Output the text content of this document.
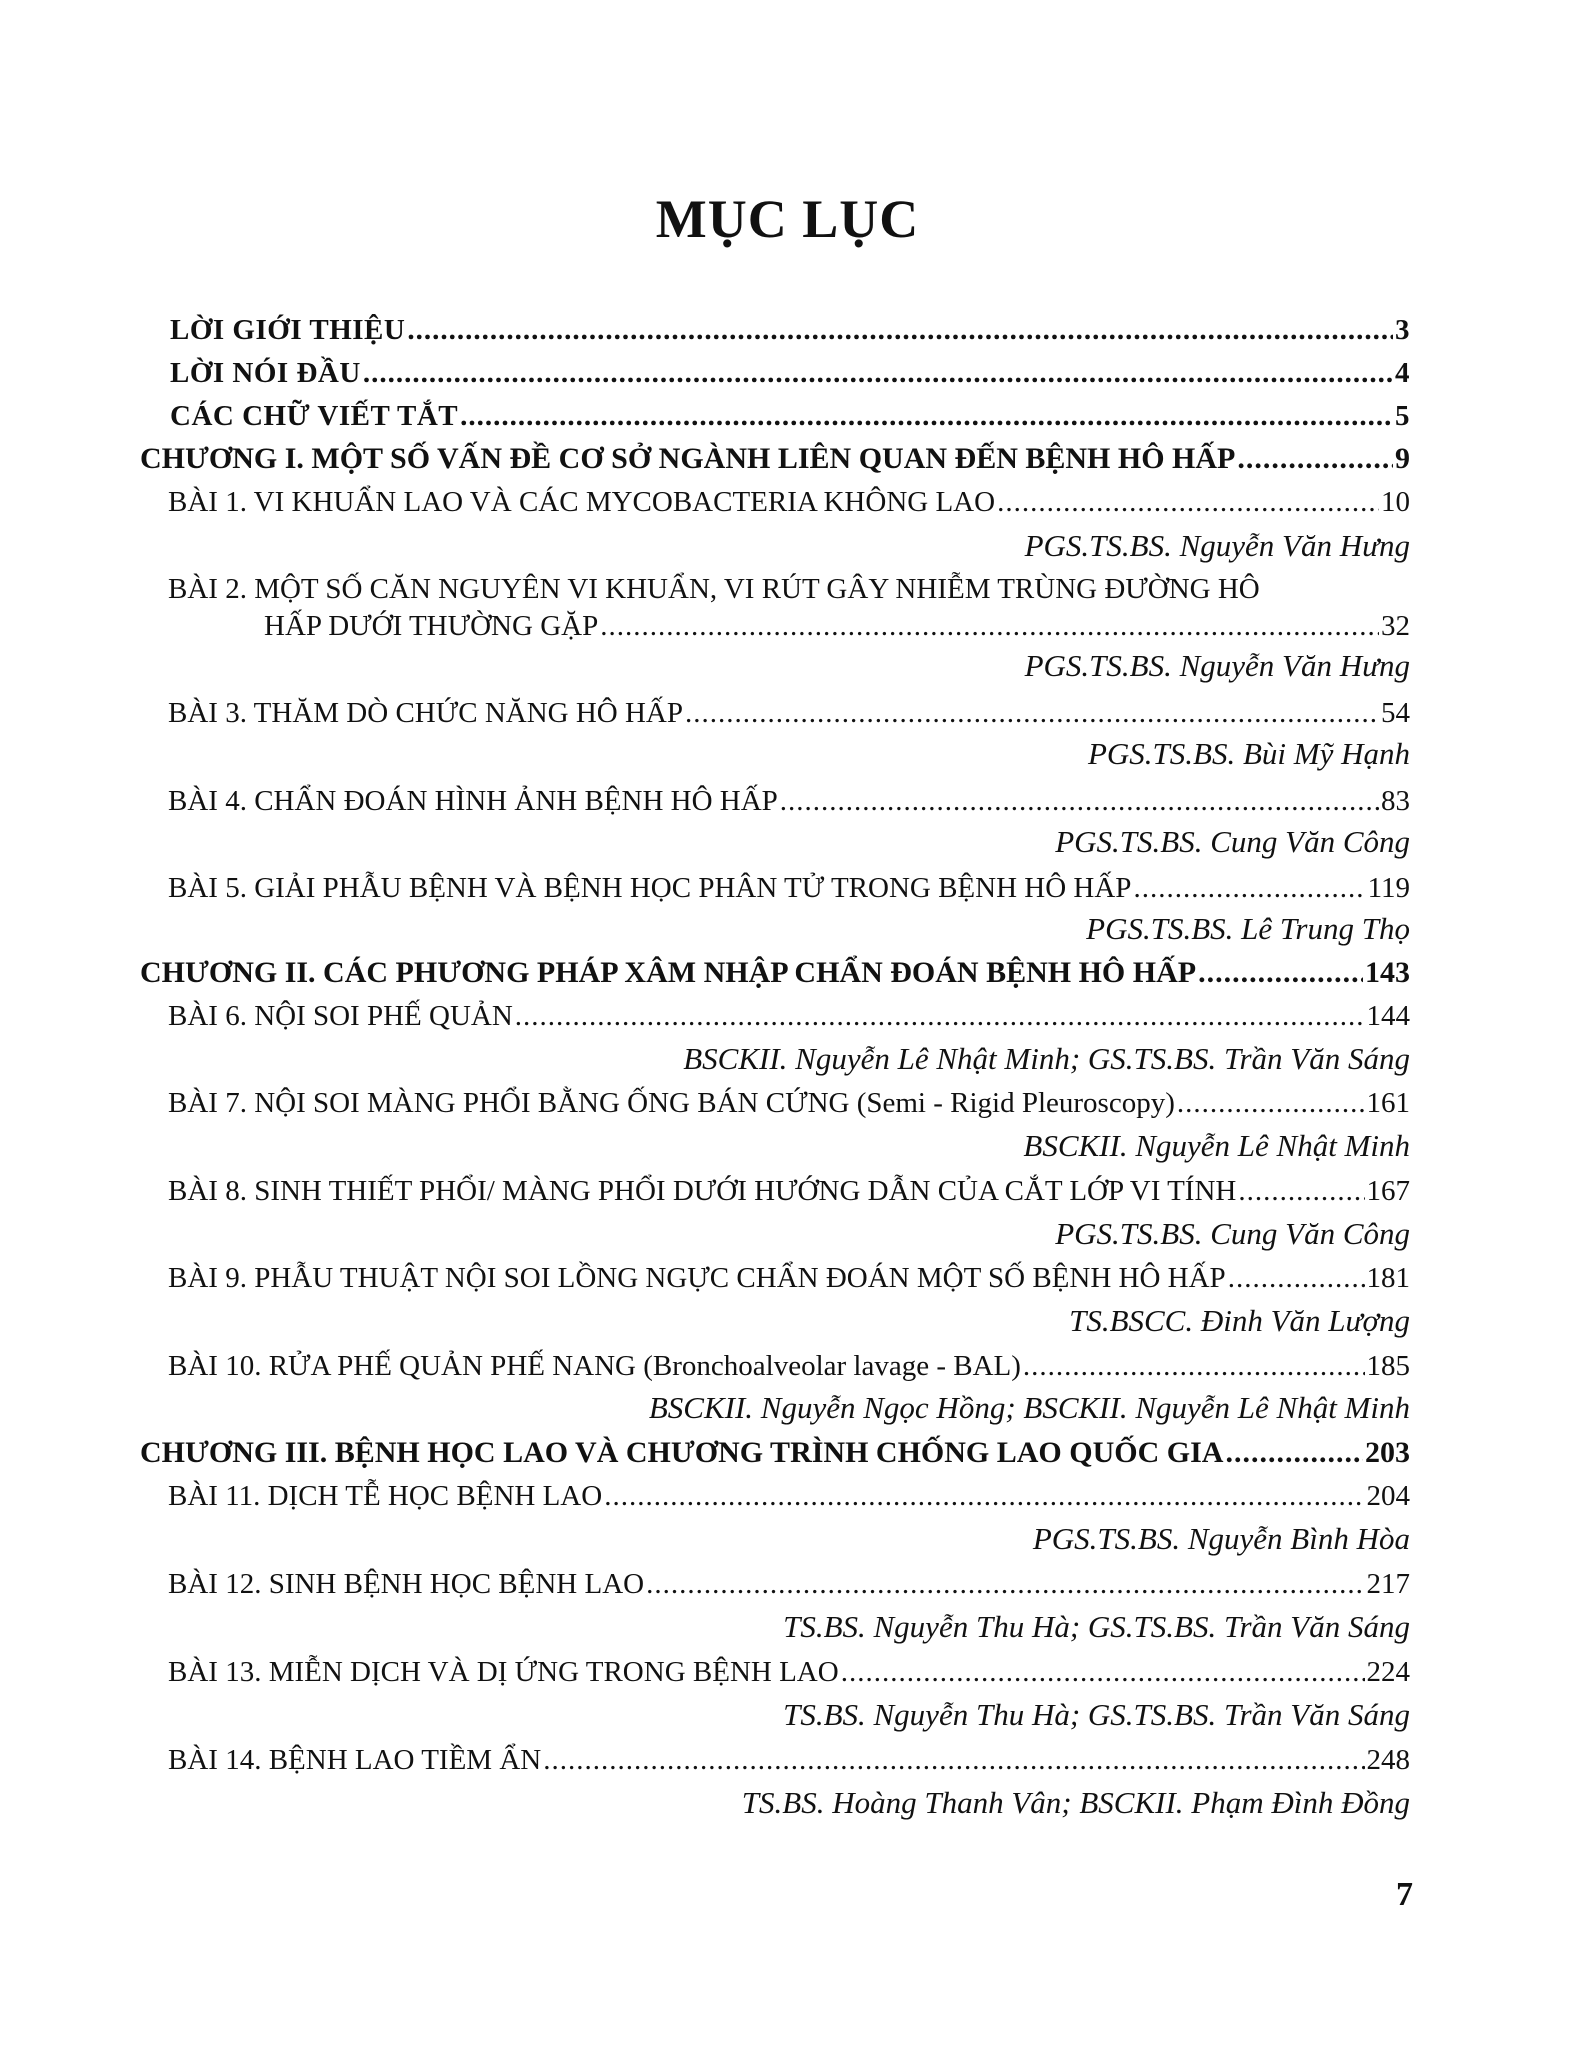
MỤC LỤC
LỜI GIỚI THIỆU .....	3
LỜI NÓI ĐẦU .....	4
CÁC CHỮ VIẾT TẮT .....	5
CHƯƠNG I. MỘT SỐ VẤN ĐỀ CƠ SỞ NGÀNH LIÊN QUAN ĐẾN BỆNH HÔ HẤP .....	9
BÀI 1. VI KHUẨN LAO VÀ CÁC MYCOBACTERIA KHÔNG LAO .....	10
PGS.TS.BS. Nguyễn Văn Hưng
BÀI 2. MỘT SỐ CĂN NGUYÊN VI KHUẨN, VI RÚT GÂY NHIỄM TRÙNG ĐƯỜNG HÔ
HẤP DƯỚI THƯỜNG GẶP .....	32
PGS.TS.BS. Nguyễn Văn Hưng
BÀI 3. THĂM DÒ CHỨC NĂNG HÔ HẤP .....	54
PGS.TS.BS. Bùi Mỹ Hạnh
BÀI 4. CHẨN ĐOÁN HÌNH ẢNH BỆNH HÔ HẤP .....	83
PGS.TS.BS. Cung Văn Công
BÀI 5. GIẢI PHẪU BỆNH VÀ BỆNH HỌC PHÂN TỬ TRONG BỆNH HÔ HẤP .....	119
PGS.TS.BS. Lê Trung Thọ
CHƯƠNG II. CÁC PHƯƠNG PHÁP XÂM NHẬP CHẨN ĐOÁN BỆNH HÔ HẤP .....	143
BÀI 6. NỘI SOI PHẾ QUẢN .....	144
BSCKII. Nguyễn Lê Nhật Minh; GS.TS.BS. Trần Văn Sáng
BÀI 7. NỘI SOI MÀNG PHỔI BẰNG ỐNG BÁN CỨNG (Semi - Rigid Pleuroscopy) .....	161
BSCKII. Nguyễn Lê Nhật Minh
BÀI 8. SINH THIẾT PHỔI/ MÀNG PHỔI DƯỚI HƯỚNG DẪN CỦA CẮT LỚP VI TÍNH .....	167
PGS.TS.BS. Cung Văn Công
BÀI 9. PHẪU THUẬT NỘI SOI LỒNG NGỰC CHẨN ĐOÁN MỘT SỐ BỆNH HÔ HẤP .....	181
TS.BSCC. Đinh Văn Lượng
BÀI 10. RỬA PHẾ QUẢN PHẾ NANG (Bronchoalveolar lavage - BAL) .....	185
BSCKII. Nguyễn Ngọc Hồng; BSCKII. Nguyễn Lê Nhật Minh
CHƯƠNG III. BỆNH HỌC LAO VÀ CHƯƠNG TRÌNH CHỐNG LAO QUỐC GIA .....	203
BÀI 11. DỊCH TỄ HỌC BỆNH LAO .....	204
PGS.TS.BS. Nguyễn Bình Hòa
BÀI 12. SINH BỆNH HỌC BỆNH LAO .....	217
TS.BS. Nguyễn Thu Hà; GS.TS.BS. Trần Văn Sáng
BÀI 13. MIỄN DỊCH VÀ DỊ ỨNG TRONG BỆNH LAO .....	224
TS.BS. Nguyễn Thu Hà; GS.TS.BS. Trần Văn Sáng
BÀI 14. BỆNH LAO TIỀM ẨN .....	248
TS.BS. Hoàng Thanh Vân; BSCKII. Phạm Đình Đồng
7
